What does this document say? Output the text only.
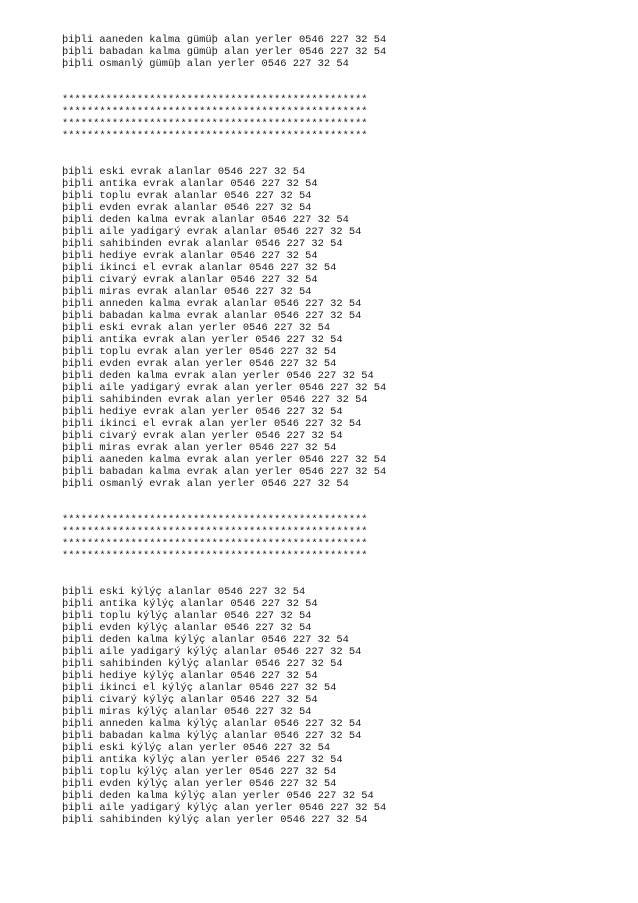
þiþli aaneden kalma gümüþ alan yerler 0546 227 32 54
þiþli babadan kalma gümüþ alan yerler 0546 227 32 54
þiþli osmanlý gümüþ alan yerler 0546 227 32 54
*************************************************
*************************************************
*************************************************
*************************************************
þiþli eski evrak alanlar 0546 227 32 54
þiþli antika evrak alanlar 0546 227 32 54
þiþli toplu evrak alanlar 0546 227 32 54
þiþli evden evrak alanlar 0546 227 32 54
þiþli deden kalma evrak alanlar 0546 227 32 54
þiþli aile yadigarý evrak alanlar 0546 227 32 54
þiþli sahibinden evrak alanlar 0546 227 32 54
þiþli hediye evrak alanlar 0546 227 32 54
þiþli ikinci el evrak alanlar 0546 227 32 54
þiþli civarý evrak alanlar 0546 227 32 54
þiþli miras evrak alanlar 0546 227 32 54
þiþli anneden kalma evrak alanlar 0546 227 32 54
þiþli babadan kalma evrak alanlar 0546 227 32 54
þiþli eski evrak alan yerler 0546 227 32 54
þiþli antika evrak alan yerler 0546 227 32 54
þiþli toplu evrak alan yerler 0546 227 32 54
þiþli evden evrak alan yerler 0546 227 32 54
þiþli deden kalma evrak alan yerler 0546 227 32 54
þiþli aile yadigarý evrak alan yerler 0546 227 32 54
þiþli sahibinden evrak alan yerler 0546 227 32 54
þiþli hediye evrak alan yerler 0546 227 32 54
þiþli ikinci el evrak alan yerler 0546 227 32 54
þiþli civarý evrak alan yerler 0546 227 32 54
þiþli miras evrak alan yerler 0546 227 32 54
þiþli aaneden kalma evrak alan yerler 0546 227 32 54
þiþli babadan kalma evrak alan yerler 0546 227 32 54
þiþli osmanlý evrak alan yerler 0546 227 32 54
*************************************************
*************************************************
*************************************************
*************************************************
þiþli eski kýlýç alanlar 0546 227 32 54
þiþli antika kýlýç alanlar 0546 227 32 54
þiþli toplu kýlýç alanlar 0546 227 32 54
þiþli evden kýlýç alanlar 0546 227 32 54
þiþli deden kalma kýlýç alanlar 0546 227 32 54
þiþli aile yadigarý kýlýç alanlar 0546 227 32 54
þiþli sahibinden kýlýç alanlar 0546 227 32 54
þiþli hediye kýlýç alanlar 0546 227 32 54
þiþli ikinci el kýlýç alanlar 0546 227 32 54
þiþli civarý kýlýç alanlar 0546 227 32 54
þiþli miras kýlýç alanlar 0546 227 32 54
þiþli anneden kalma kýlýç alanlar 0546 227 32 54
þiþli babadan kalma kýlýç alanlar 0546 227 32 54
þiþli eski kýlýç alan yerler 0546 227 32 54
þiþli antika kýlýç alan yerler 0546 227 32 54
þiþli toplu kýlýç alan yerler 0546 227 32 54
þiþli evden kýlýç alan yerler 0546 227 32 54
þiþli deden kalma kýlýç alan yerler 0546 227 32 54
þiþli aile yadigarý kýlýç alan yerler 0546 227 32 54
þiþli sahibinden kýlýç alan yerler 0546 227 32 54
